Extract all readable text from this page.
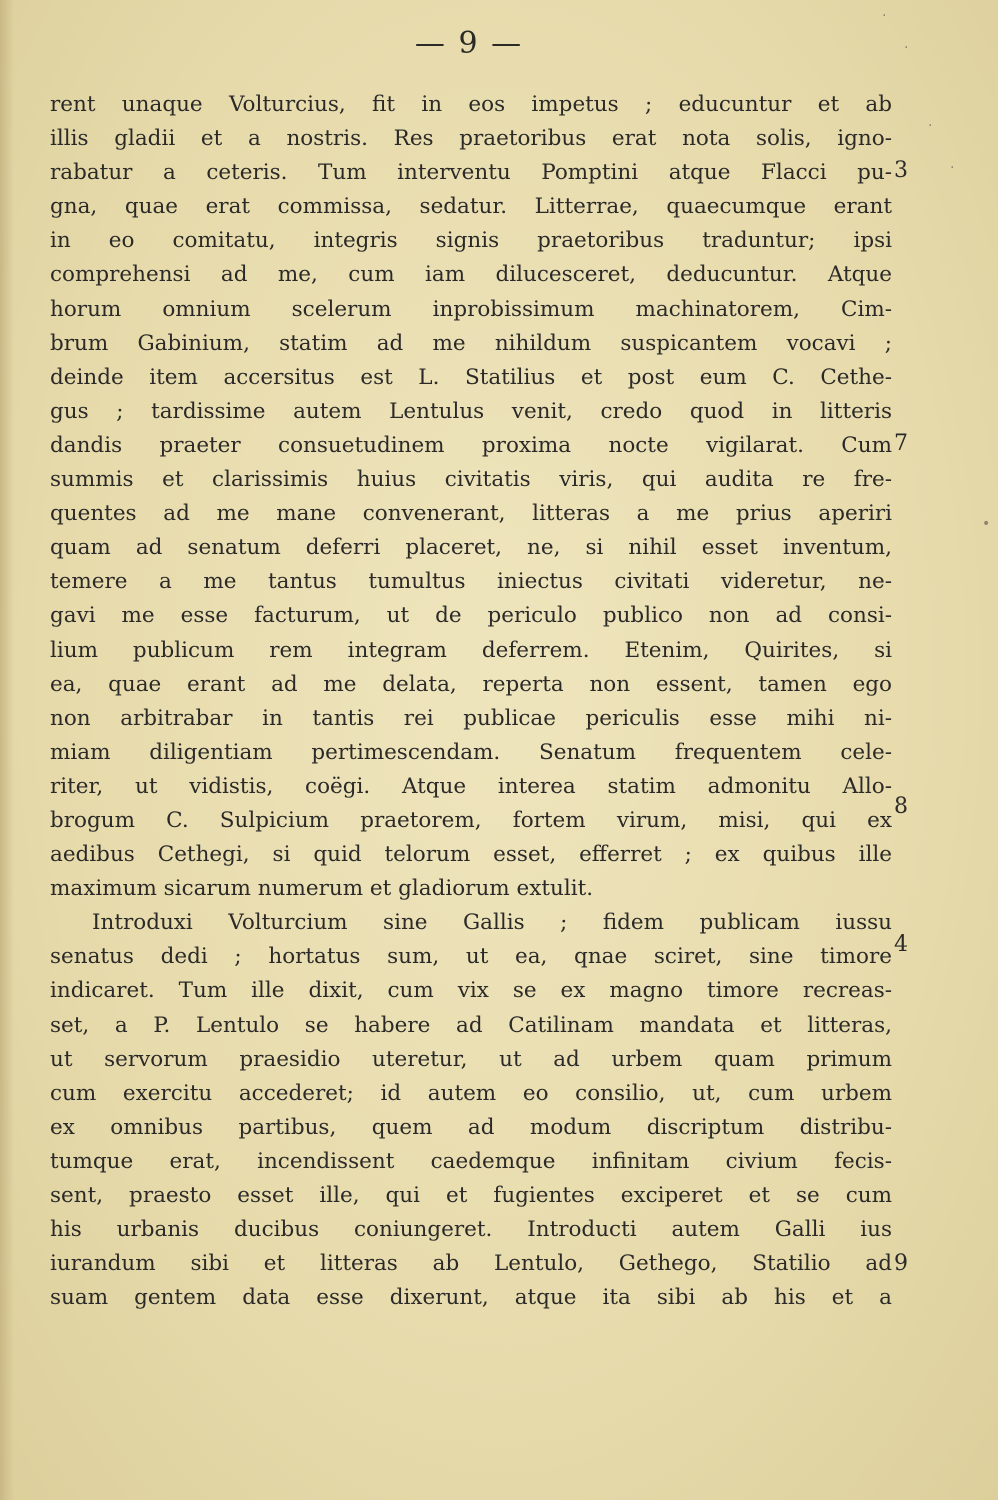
— 9 —
rent unaque Volturcius, fit in eos impetus ; educuntur et ab
illis gladii et a nostris. Res praetoribus erat nota solis, igno-
rabatur a ceteris. Tum interventu Pomptini atque Flacci pu-
gna, quae erat commissa, sedatur. Litterrae, quaecumque erant
in eo comitatu, integris signis praetoribus traduntur; ipsi
comprehensi ad me, cum iam dilucesceret, deducuntur. Atque
horum omnium scelerum inprobissimum machinatorem, Cim-
brum Gabinium, statim ad me nihildum suspicantem vocavi ;
deinde item accersitus est L. Statilius et post eum C. Cethe-
gus ; tardissime autem Lentulus venit, credo quod in litteris
dandis praeter consuetudinem proxima nocte vigilarat. Cum
summis et clarissimis huius civitatis viris, qui audita re fre-
quentes ad me mane convenerant, litteras a me prius aperiri
quam ad senatum deferri placeret, ne, si nihil esset inventum,
temere a me tantus tumultus iniectus civitati videretur, ne-
gavi me esse facturum, ut de periculo publico non ad consi-
lium publicum rem integram deferrem. Etenim, Quirites, si
ea, quae erant ad me delata, reperta non essent, tamen ego
non arbitrabar in tantis rei publicae periculis esse mihi ni-
miam diligentiam pertimescendam. Senatum frequentem cele-
riter, ut vidistis, coëgi. Atque interea statim admonitu Allo-
brogum C. Sulpicium praetorem, fortem virum, misi, qui ex
aedibus Cethegi, si quid telorum esset, efferret ; ex quibus ille
maximum sicarum numerum et gladiorum extulit.
Introduxi Volturcium sine Gallis ; fidem publicam iussu
senatus dedi ; hortatus sum, ut ea, qnae sciret, sine timore
indicaret. Tum ille dixit, cum vix se ex magno timore recreas-
set, a P. Lentulo se habere ad Catilinam mandata et litteras,
ut servorum praesidio uteretur, ut ad urbem quam primum
cum exercitu accederet; id autem eo consilio, ut, cum urbem
ex omnibus partibus, quem ad modum discriptum distribu-
tumque erat, incendissent caedemque infinitam civium fecis-
sent, praesto esset ille, qui et fugientes exciperet et se cum
his urbanis ducibus coniungeret. Introducti autem Galli ius
iurandum sibi et litteras ab Lentulo, Gethego, Statilio ad
suam gentem data esse dixerunt, atque ita sibi ab his et a
3
7
8
4
9
·
·
·
·
•
